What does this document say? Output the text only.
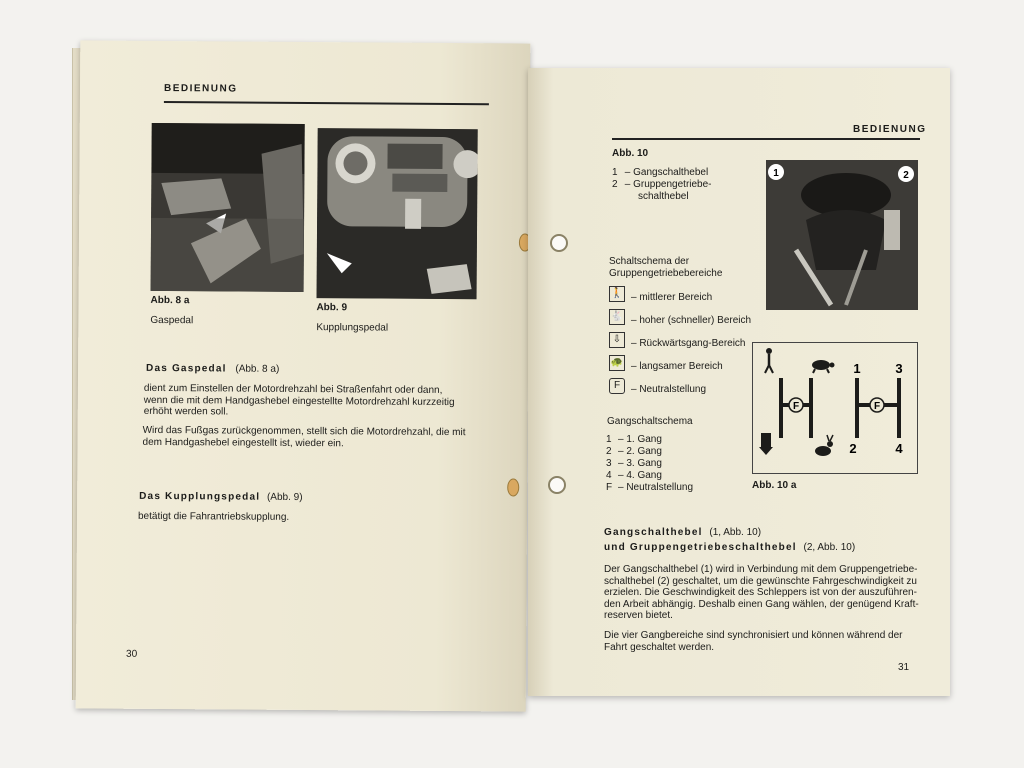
BEDIENUNG
Abb. 8 a
Gaspedal
Abb. 9
Kupplungspedal
Das Gaspedal (Abb. 8 a)
dient zum Einstellen der Motordrehzahl bei Straßenfahrt oder dann,
wenn die mit dem Handgashebel eingestellte Motordrehzahl kurzzeitig
erhöht werden soll.
Wird das Fußgas zurückgenommen, stellt sich die Motordrehzahl, die mit
dem Handgashebel eingestellt ist, wieder ein.
Das Kupplungspedal (Abb. 9)
betätigt die Fahrantriebskupplung.
30
BEDIENUNG
Abb. 10
1 – Gangschalthebel
2 – Gruppengetriebe-
schalthebel
1	2
Schaltschema der
Gruppengetriebebereiche
🚶 – mittlerer Bereich
🐇 – hoher (schneller) Bereich
⇩ – Rückwärtsgang-Bereich
🐢 – langsamer Bereich
F	– Neutralstellung
Gangschaltschema
1 – 1. Gang
2 – 2. Gang
3 – 3. Gang
4 – 4. Gang
F – Neutralstellung
F	F
1	3
2	4
Abb. 10 a
Gangschalthebel (1, Abb. 10)
und Gruppengetriebeschalthebel (2, Abb. 10)
Der Gangschalthebel (1) wird in Verbindung mit dem Gruppengetriebe-
schalthebel (2) geschaltet, um die gewünschte Fahrgeschwindigkeit zu
erzielen. Die Geschwindigkeit des Schleppers ist von der auszuführen-
den Arbeit abhängig. Deshalb einen Gang wählen, der genügend Kraft-
reserven bietet.
Die vier Gangbereiche sind synchronisiert und können während der
Fahrt geschaltet werden.
31
